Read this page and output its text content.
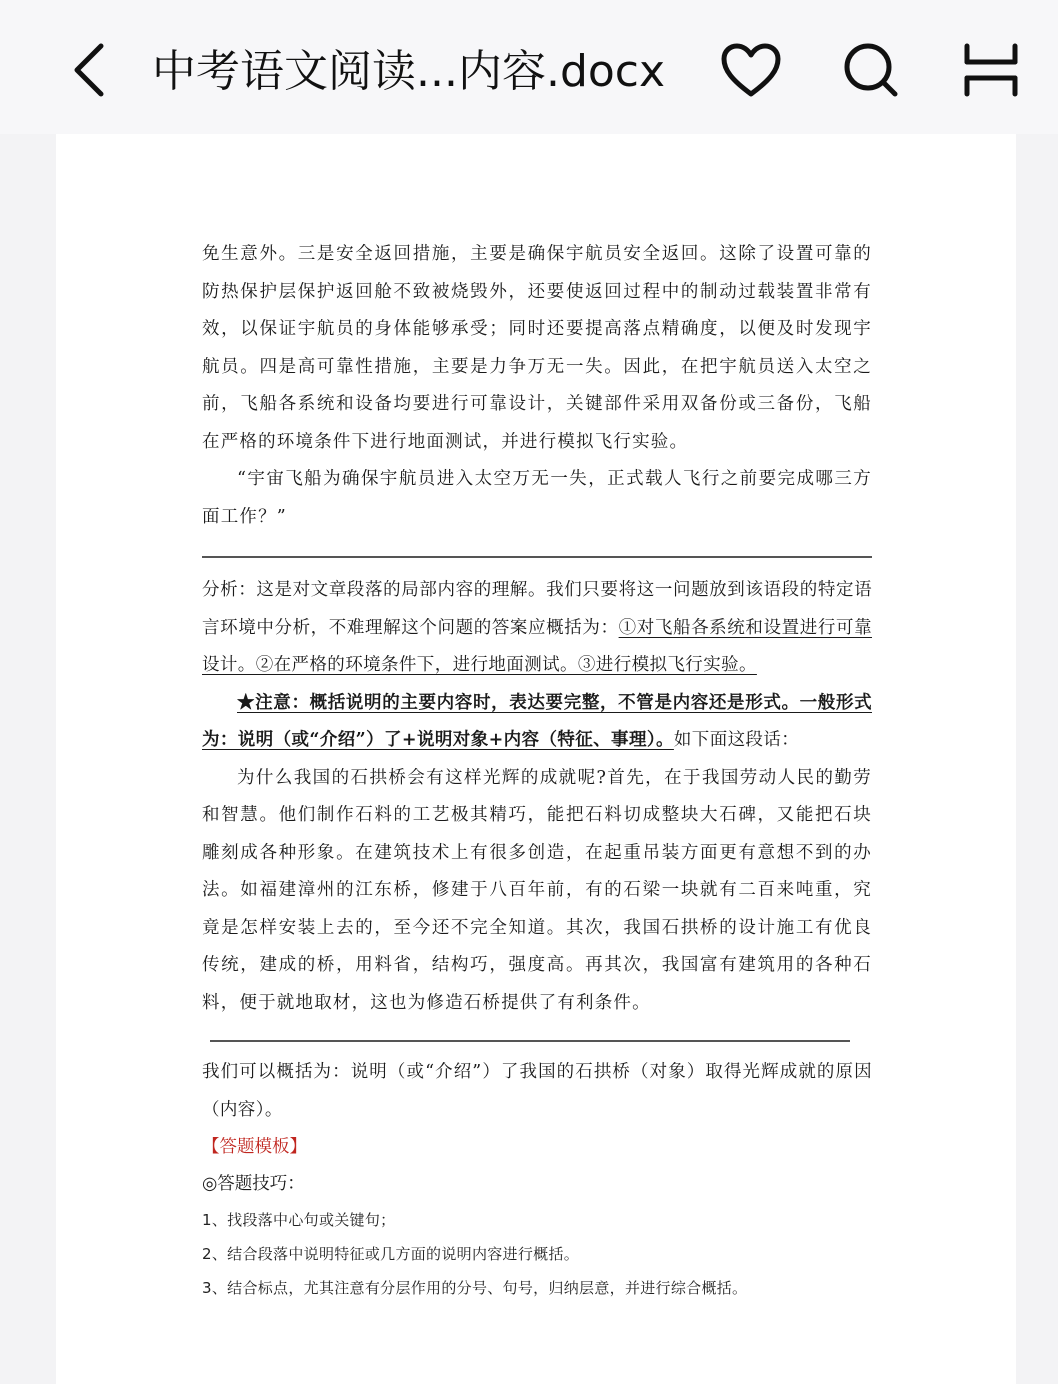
中考语文阅读...内容.docx

免生意外。三是安全返回措施，主要是确保宇航员安全返回。这除了设置可靠的防热保护层保护返回舱不致被烧毁外，还要使返回过程中的制动过载装置非常有效，以保证宇航员的身体能够承受；同时还要提高落点精确度，以便及时发现宇航员。四是高可靠性措施，主要是力争万无一失。因此，在把宇航员送入太空之前，飞船各系统和设备均要进行可靠设计，关键部件采用双备份或三备份，飞船在严格的环境条件下进行地面测试，并进行模拟飞行实验。

“宇宙飞船为确保宇航员进入太空万无一失，正式载人飞行之前要完成哪三方面工作？”

分析：这是对文章段落的局部内容的理解。我们只要将这一问题放到该语段的特定语言环境中分析，不难理解这个问题的答案应概括为：①对飞船各系统和设置进行可靠设计。②在严格的环境条件下，进行地面测试。③进行模拟飞行实验。

★注意：概括说明的主要内容时，表达要完整，不管是内容还是形式。一般形式为：说明（或“介绍”）了+说明对象+内容（特征、事理）。如下面这段话：

为什么我国的石拱桥会有这样光辉的成就呢?首先，在于我国劳动人民的勤劳和智慧。他们制作石料的工艺极其精巧，能把石料切成整块大石碑，又能把石块雕刻成各种形象。在建筑技术上有很多创造，在起重吊装方面更有意想不到的办法。如福建漳州的江东桥，修建于八百年前，有的石梁一块就有二百来吨重，究竟是怎样安装上去的，至今还不完全知道。其次，我国石拱桥的设计施工有优良传统，建成的桥，用料省，结构巧，强度高。再其次，我国富有建筑用的各种石料，便于就地取材，这也为修造石桥提供了有利条件。

我们可以概括为：说明（或“介绍”）了我国的石拱桥（对象）取得光辉成就的原因（内容）。

【答题模板】

◎答题技巧：

1、找段落中心句或关键句；

2、结合段落中说明特征或几方面的说明内容进行概括。

3、结合标点，尤其注意有分层作用的分号、句号，归纳层意，并进行综合概括。
